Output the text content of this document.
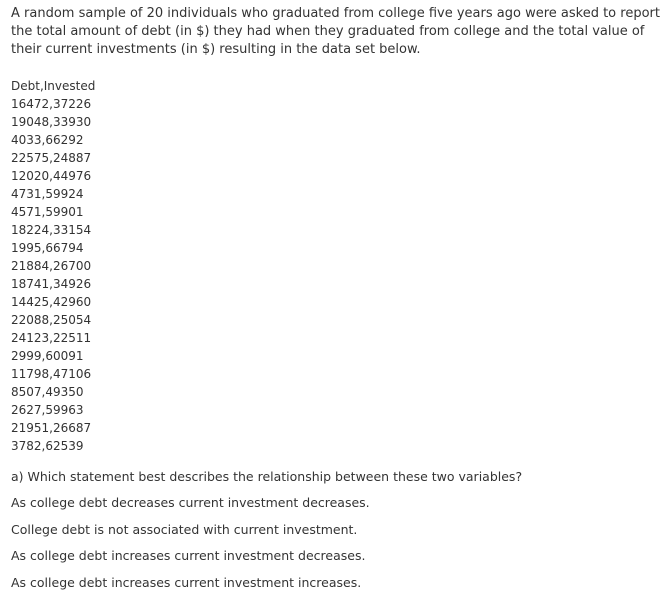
A random sample of 20 individuals who graduated from college five years ago were asked to report the total amount of debt (in $) they had when they graduated from college and the total value of their current investments (in $) resulting in the data set below.

Debt,Invested
16472,37226
19048,33930
4033,66292
22575,24887
12020,44976
4731,59924
4571,59901
18224,33154
1995,66794
21884,26700
18741,34926
14425,42960
22088,25054
24123,22511
2999,60091
11798,47106
8507,49350
2627,59963
21951,26687
3782,62539

a) Which statement best describes the relationship between these two variables?

As college debt decreases current investment decreases.
College debt is not associated with current investment.
As college debt increases current investment decreases.
As college debt increases current investment increases.
